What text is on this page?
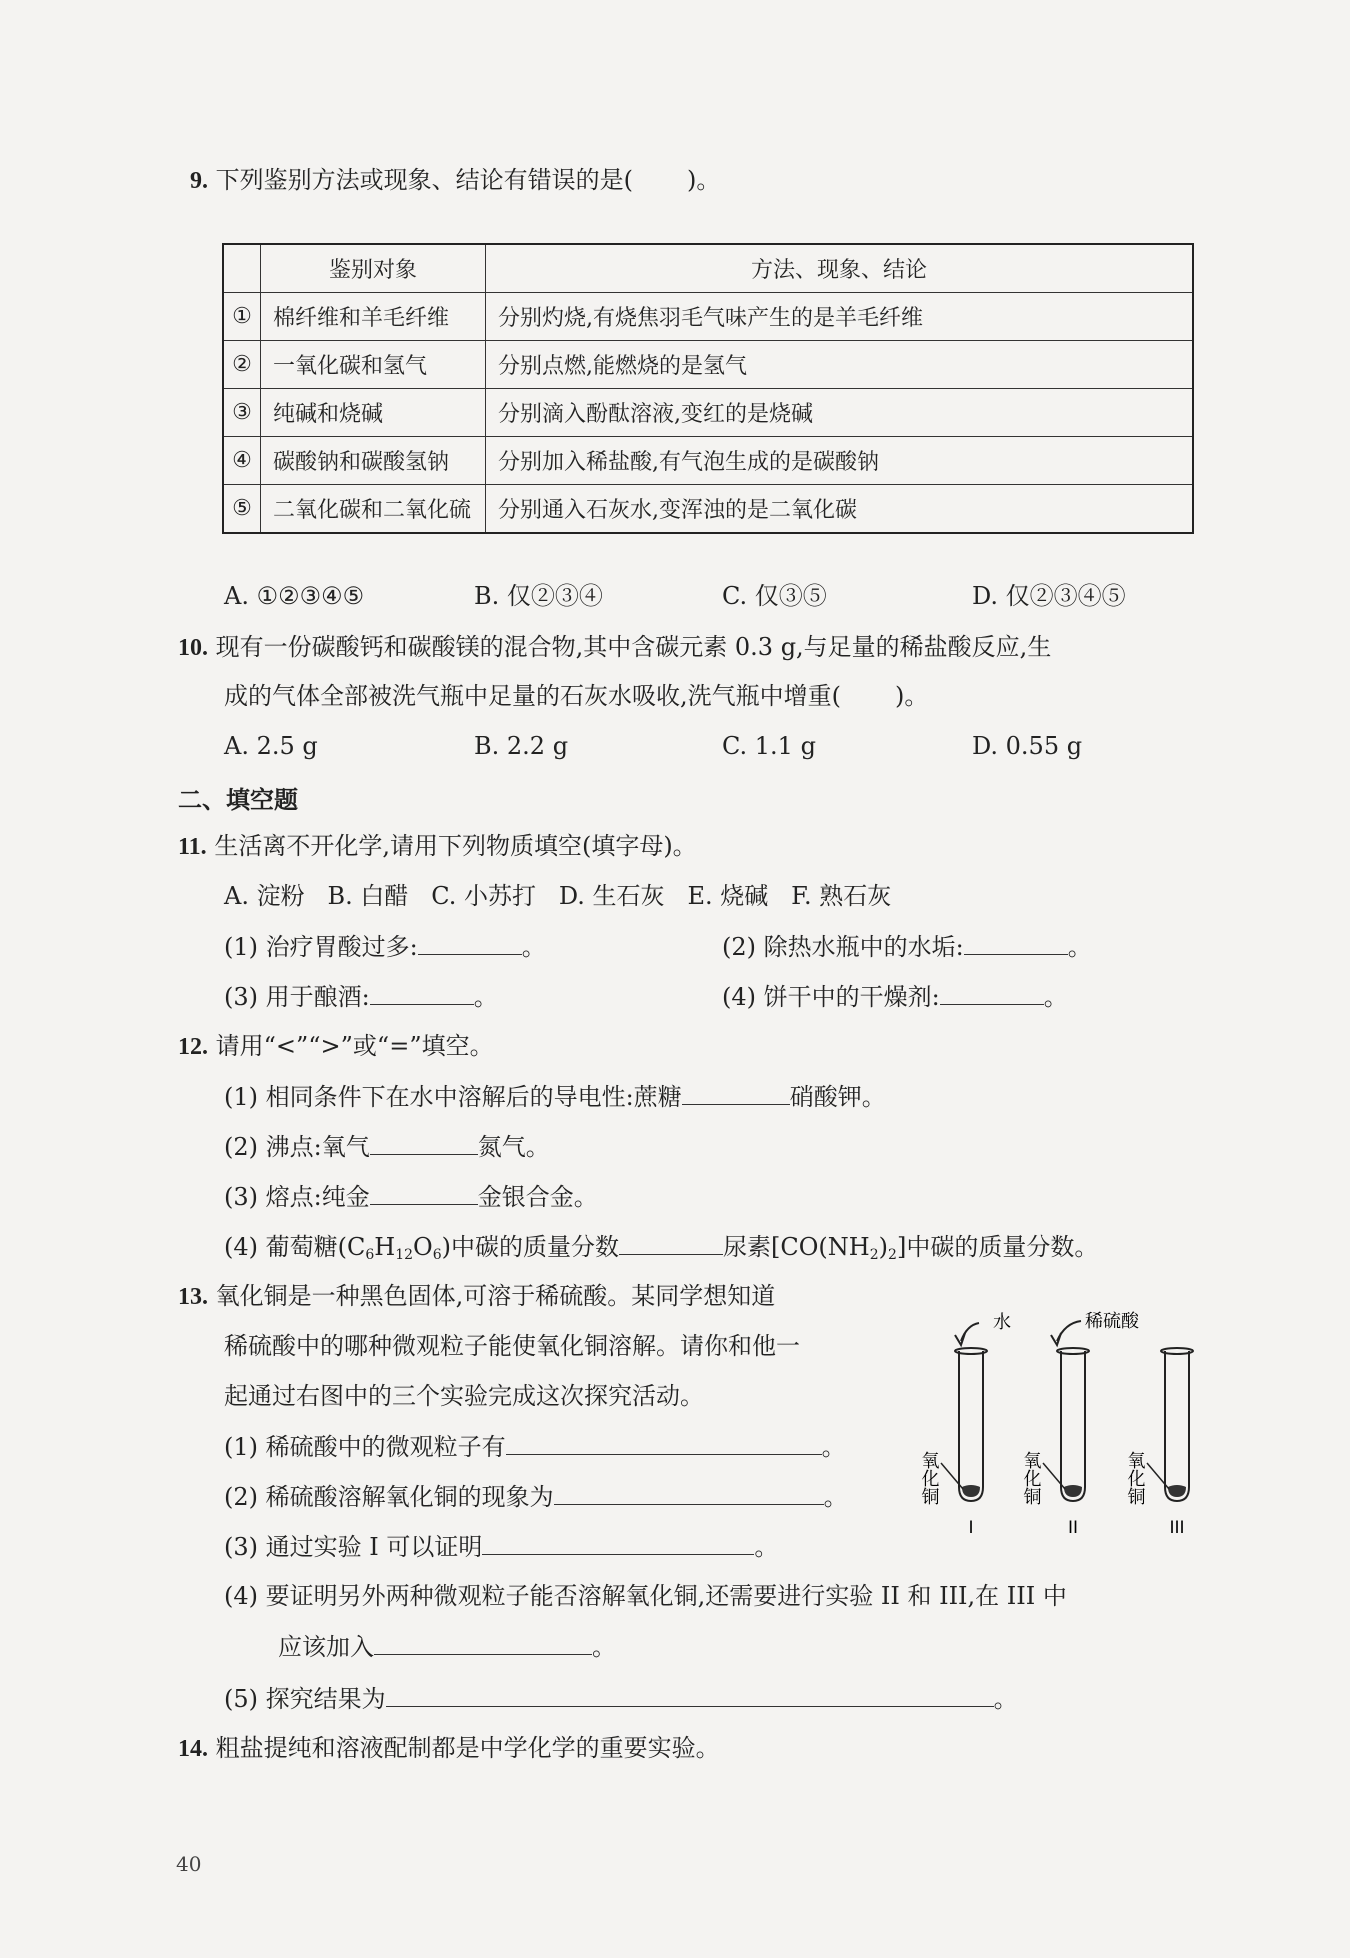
9. 下列鉴别方法或现象、结论有错误的是( )。
	鉴别对象	方法、现象、结论
①	棉纤维和羊毛纤维	分别灼烧,有烧焦羽毛气味产生的是羊毛纤维
②	一氧化碳和氢气	分别点燃,能燃烧的是氢气
③	纯碱和烧碱	分别滴入酚酞溶液,变红的是烧碱
④	碳酸钠和碳酸氢钠	分别加入稀盐酸,有气泡生成的是碳酸钠
⑤	二氧化碳和二氧化硫	分别通入石灰水,变浑浊的是二氧化碳
A. ①②③④⑤	B. 仅②③④	C. 仅③⑤	D. 仅②③④⑤
10. 现有一份碳酸钙和碳酸镁的混合物,其中含碳元素 0.3 g,与足量的稀盐酸反应,生
成的气体全部被洗气瓶中足量的石灰水吸收,洗气瓶中增重( )。
A. 2.5 g	B. 2.2 g	C. 1.1 g	D. 0.55 g
二、填空题
11. 生活离不开化学,请用下列物质填空(填字母)。
A. 淀粉   B. 白醋   C. 小苏打   D. 生石灰   E. 烧碱   F. 熟石灰
(1) 治疗胃酸过多:	。	(2) 除热水瓶中的水垢:	。
(3) 用于酿酒:	。	(4) 饼干中的干燥剂:	。
12. 请用“<”“>”或“=”填空。
(1) 相同条件下在水中溶解后的导电性:蔗糖	硝酸钾。
(2) 沸点:氧气	氮气。
(3) 熔点:纯金	金银合金。
(4) 葡萄糖$(C_6H_{12}O_6)$中碳的质量分数	尿素$[CO(NH_2)_2]$中碳的质量分数。
13. 氧化铜是一种黑色固体,可溶于稀硫酸。某同学想知道
稀硫酸中的哪种微观粒子能使氧化铜溶解。请你和他一
起通过右图中的三个实验完成这次探究活动。
(1) 稀硫酸中的微观粒子有	。
(2) 稀硫酸溶解氧化铜的现象为	。
(3) 通过实验 I 可以证明	。
(4) 要证明另外两种微观粒子能否溶解氧化铜,还需要进行实验 II 和 III,在 III 中
应该加入	。
(5) 探究结果为	。
水	稀硫酸
氧化铜	氧化铜	氧化铜
I	II	III
14. 粗盐提纯和溶液配制都是中学化学的重要实验。
40
